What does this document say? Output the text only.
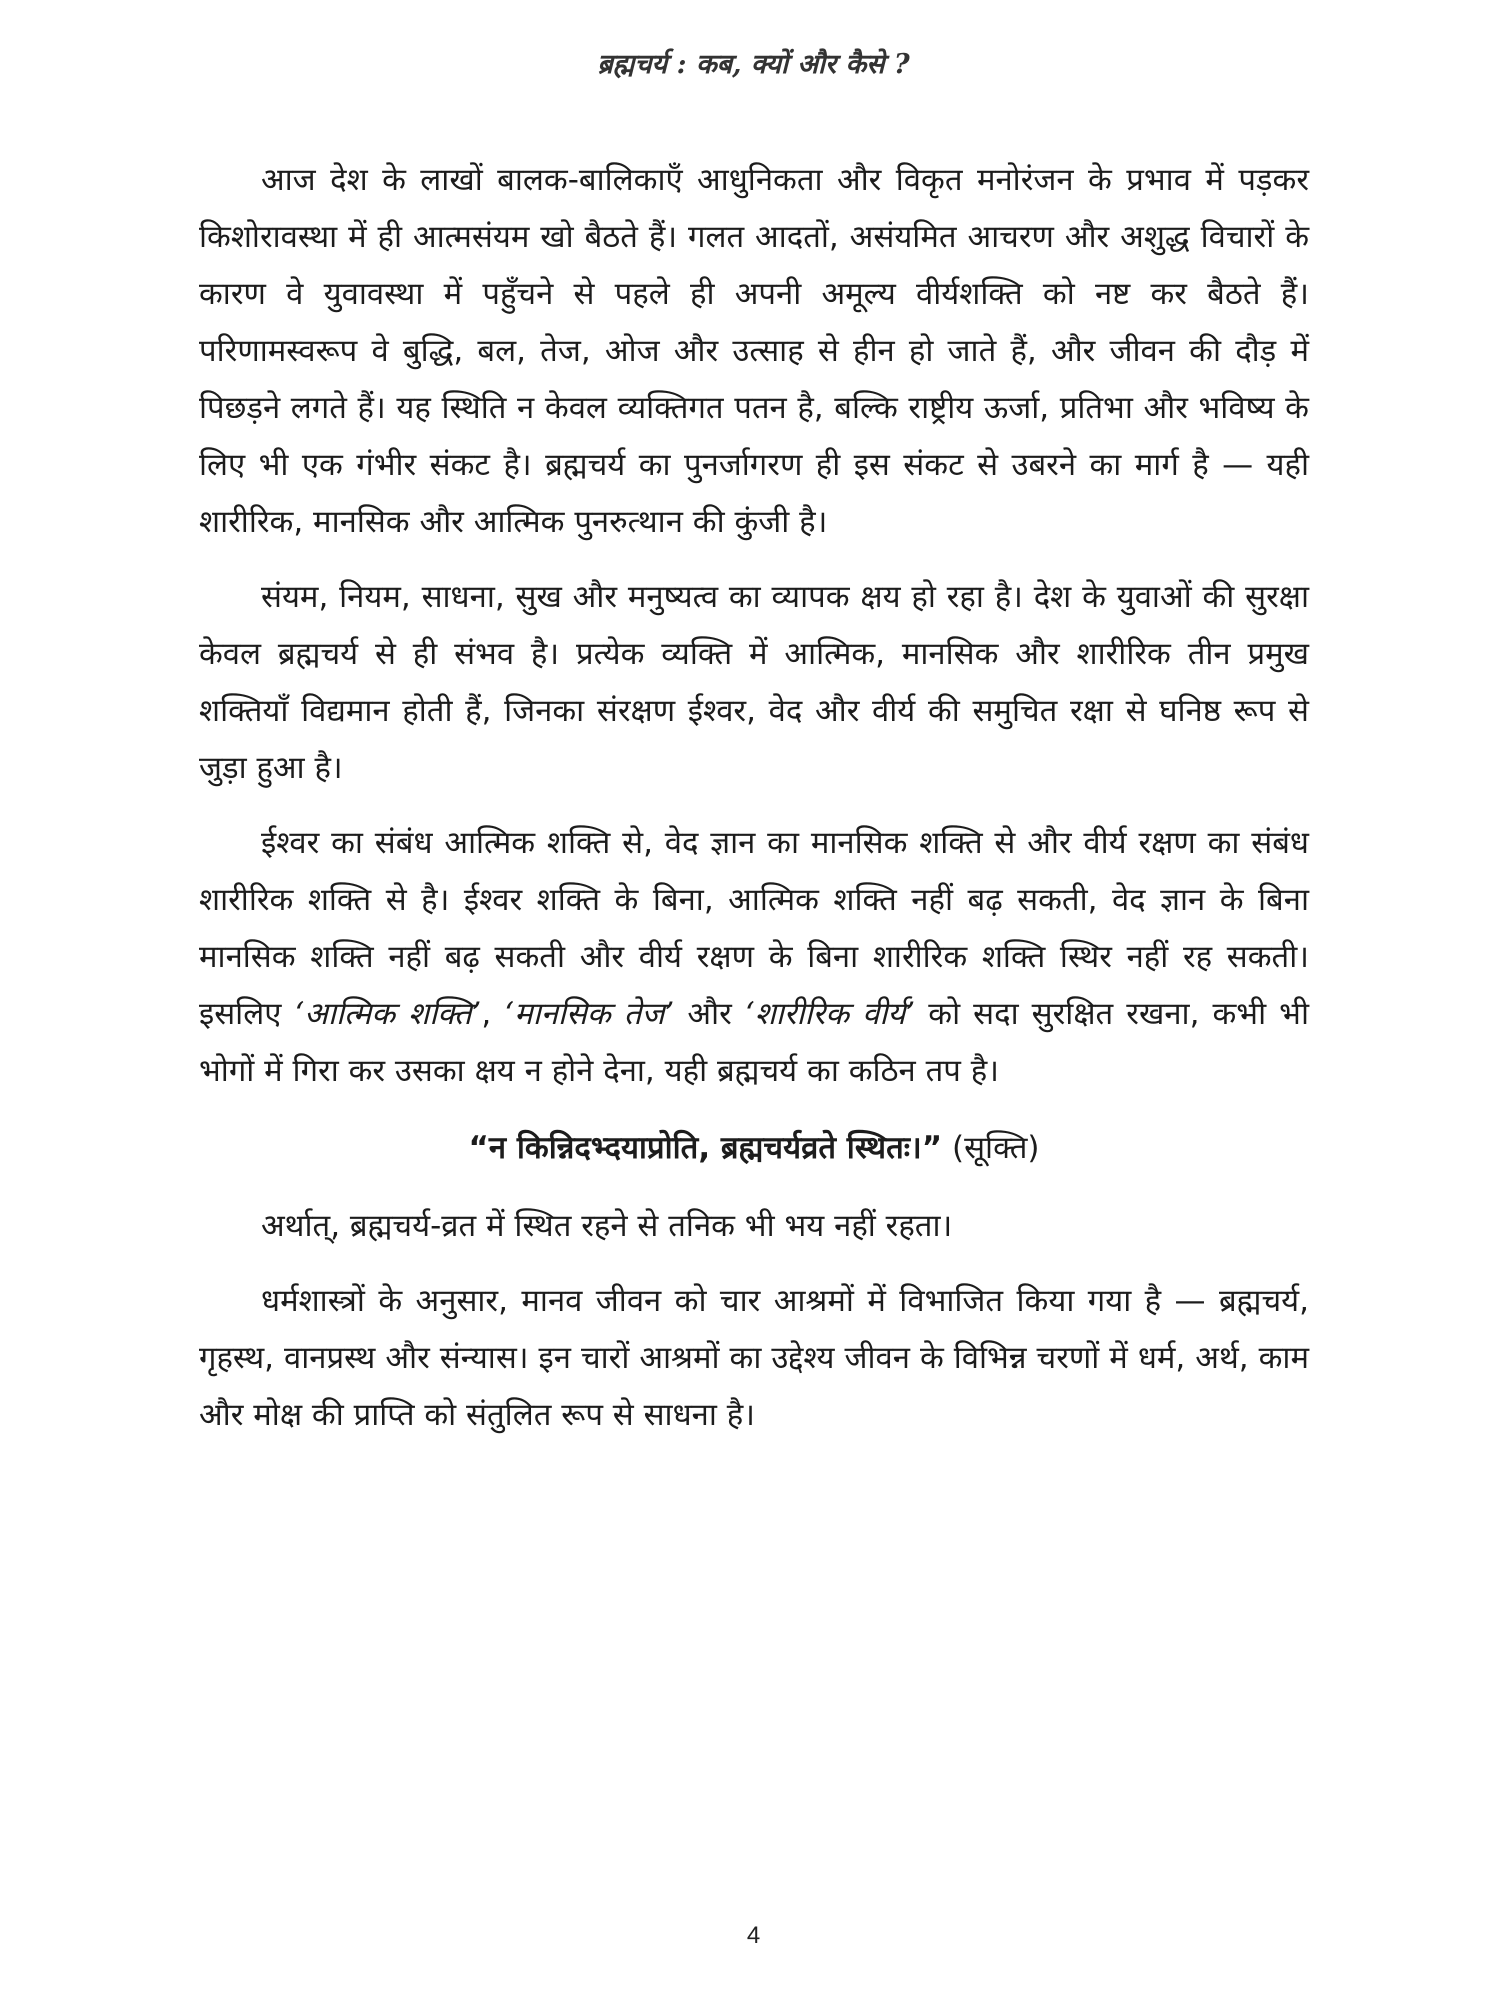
ब्रह्मचर्य : कब, क्यों और कैसे ?

आज देश के लाखों बालक-बालिकाएँ आधुनिकता और विकृत मनोरंजन के प्रभाव में पड़कर किशोरावस्था में ही आत्मसंयम खो बैठते हैं। गलत आदतों, असंयमित आचरण और अशुद्ध विचारों के कारण वे युवावस्था में पहुँचने से पहले ही अपनी अमूल्य वीर्यशक्ति को नष्ट कर बैठते हैं। परिणामस्वरूप वे बुद्धि, बल, तेज, ओज और उत्साह से हीन हो जाते हैं, और जीवन की दौड़ में पिछड़ने लगते हैं। यह स्थिति न केवल व्यक्तिगत पतन है, बल्कि राष्ट्रीय ऊर्जा, प्रतिभा और भविष्य के लिए भी एक गंभीर संकट है। ब्रह्मचर्य का पुनर्जागरण ही इस संकट से उबरने का मार्ग है — यही शारीरिक, मानसिक और आत्मिक पुनरुत्थान की कुंजी है।

संयम, नियम, साधना, सुख और मनुष्यत्व का व्यापक क्षय हो रहा है। देश के युवाओं की सुरक्षा केवल ब्रह्मचर्य से ही संभव है। प्रत्येक व्यक्ति में आत्मिक, मानसिक और शारीरिक तीन प्रमुख शक्तियाँ विद्यमान होती हैं, जिनका संरक्षण ईश्वर, वेद और वीर्य की समुचित रक्षा से घनिष्ठ रूप से जुड़ा हुआ है।

ईश्वर का संबंध आत्मिक शक्ति से, वेद ज्ञान का मानसिक शक्ति से और वीर्य रक्षण का संबंध शारीरिक शक्ति से है। ईश्वर शक्ति के बिना, आत्मिक शक्ति नहीं बढ़ सकती, वेद ज्ञान के बिना मानसिक शक्ति नहीं बढ़ सकती और वीर्य रक्षण के बिना शारीरिक शक्ति स्थिर नहीं रह सकती। इसलिए ‘आत्मिक शक्ति’, ‘मानसिक तेज’ और ‘शारीरिक वीर्य’ को सदा सुरक्षित रखना, कभी भी भोगों में गिरा कर उसका क्षय न होने देना, यही ब्रह्मचर्य का कठिन तप है।

“न किन्निदभ्दयाप्रोति, ब्रह्मचर्यव्रते स्थितः।” (सूक्ति)

अर्थात्, ब्रह्मचर्य-व्रत में स्थित रहने से तनिक भी भय नहीं रहता।

धर्मशास्त्रों के अनुसार, मानव जीवन को चार आश्रमों में विभाजित किया गया है — ब्रह्मचर्य, गृहस्थ, वानप्रस्थ और संन्यास। इन चारों आश्रमों का उद्देश्य जीवन के विभिन्न चरणों में धर्म, अर्थ, काम और मोक्ष की प्राप्ति को संतुलित रूप से साधना है।

4
